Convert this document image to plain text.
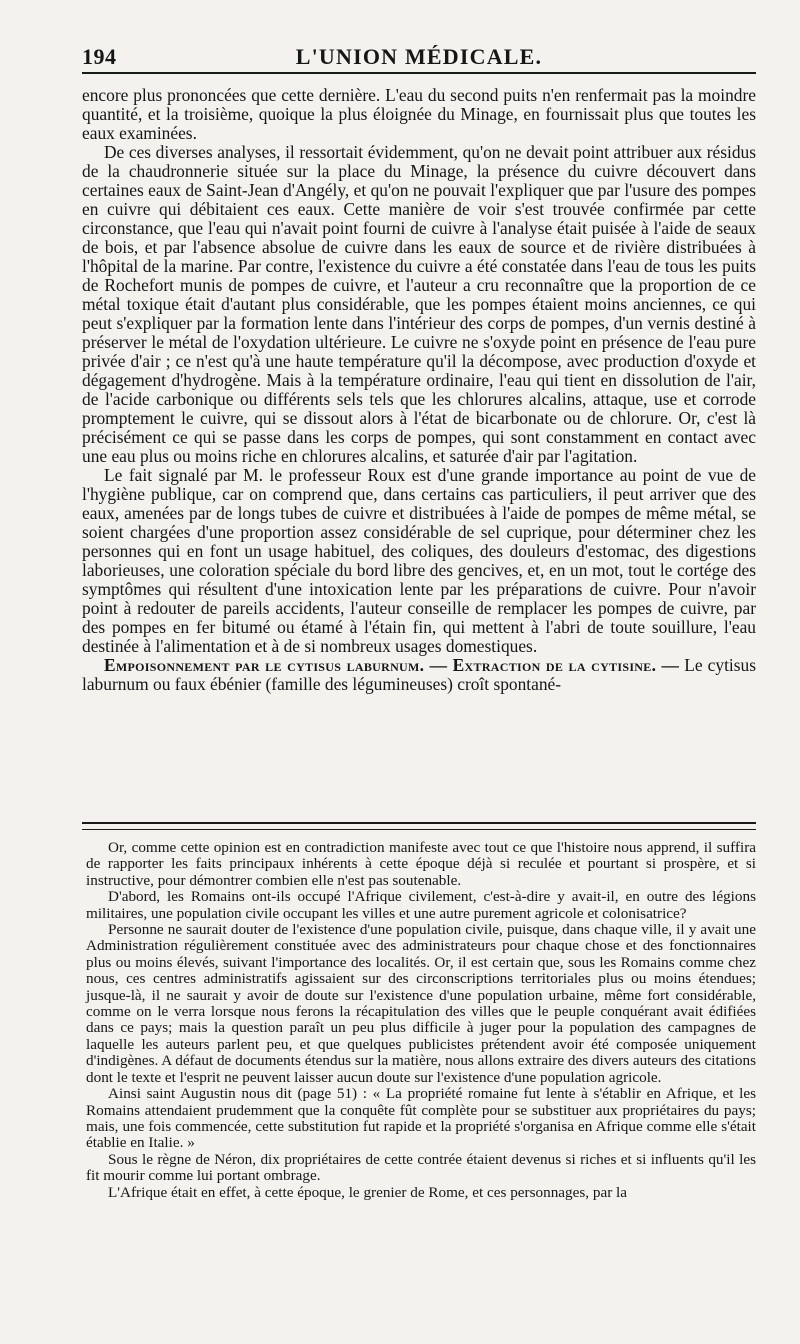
194	L'UNION MÉDICALE.

encore plus prononcées que cette dernière. L'eau du second puits n'en renfermait pas la moindre quantité, et la troisième, quoique la plus éloignée du Minage, en fournissait plus que toutes les eaux examinées.

De ces diverses analyses, il ressortait évidemment, qu'on ne devait point attribuer aux résidus de la chaudronnerie située sur la place du Minage, la présence du cuivre découvert dans certaines eaux de Saint-Jean d'Angély, et qu'on ne pouvait l'expliquer que par l'usure des pompes en cuivre qui débitaient ces eaux. Cette manière de voir s'est trouvée confirmée par cette circonstance, que l'eau qui n'avait point fourni de cuivre à l'analyse était puisée à l'aide de seaux de bois, et par l'absence absolue de cuivre dans les eaux de source et de rivière distribuées à l'hôpital de la marine. Par contre, l'existence du cuivre a été constatée dans l'eau de tous les puits de Rochefort munis de pompes de cuivre, et l'auteur a cru reconnaître que la proportion de ce métal toxique était d'autant plus considérable, que les pompes étaient moins anciennes, ce qui peut s'expliquer par la formation lente dans l'intérieur des corps de pompes, d'un vernis destiné à préserver le métal de l'oxydation ultérieure. Le cuivre ne s'oxyde point en présence de l'eau pure privée d'air ; ce n'est qu'à une haute température qu'il la décompose, avec production d'oxyde et dégagement d'hydrogène. Mais à la température ordinaire, l'eau qui tient en dissolution de l'air, de l'acide carbonique ou différents sels tels que les chlorures alcalins, attaque, use et corrode promptement le cuivre, qui se dissout alors à l'état de bicarbonate ou de chlorure. Or, c'est là précisément ce qui se passe dans les corps de pompes, qui sont constamment en contact avec une eau plus ou moins riche en chlorures alcalins, et saturée d'air par l'agitation.

Le fait signalé par M. le professeur Roux est d'une grande importance au point de vue de l'hygiène publique, car on comprend que, dans certains cas particuliers, il peut arriver que des eaux, amenées par de longs tubes de cuivre et distribuées à l'aide de pompes de même métal, se soient chargées d'une proportion assez considérable de sel cuprique, pour déterminer chez les personnes qui en font un usage habituel, des coliques, des douleurs d'estomac, des digestions laborieuses, une coloration spéciale du bord libre des gencives, et, en un mot, tout le cortége des symptômes qui résultent d'une intoxication lente par les préparations de cuivre. Pour n'avoir point à redouter de pareils accidents, l'auteur conseille de remplacer les pompes de cuivre, par des pompes en fer bitumé ou étamé à l'étain fin, qui mettent à l'abri de toute souillure, l'eau destinée à l'alimentation et à de si nombreux usages domestiques.

Empoisonnement par le cytisus laburnum. — Extraction de la cytisine. — Le cytisus laburnum ou faux ébénier (famille des légumineuses) croît spontané-

Or, comme cette opinion est en contradiction manifeste avec tout ce que l'histoire nous apprend, il suffira de rapporter les faits principaux inhérents à cette époque déjà si reculée et pourtant si prospère, et si instructive, pour démontrer combien elle n'est pas soutenable.

D'abord, les Romains ont-ils occupé l'Afrique civilement, c'est-à-dire y avait-il, en outre des légions militaires, une population civile occupant les villes et une autre purement agricole et colonisatrice?

Personne ne saurait douter de l'existence d'une population civile, puisque, dans chaque ville, il y avait une Administration régulièrement constituée avec des administrateurs pour chaque chose et des fonctionnaires plus ou moins élevés, suivant l'importance des localités. Or, il est certain que, sous les Romains comme chez nous, ces centres administratifs agissaient sur des circonscriptions territoriales plus ou moins étendues; jusque-là, il ne saurait y avoir de doute sur l'existence d'une population urbaine, même fort considérable, comme on le verra lorsque nous ferons la récapitulation des villes que le peuple conquérant avait édifiées dans ce pays; mais la question paraît un peu plus difficile à juger pour la population des campagnes de laquelle les auteurs parlent peu, et que quelques publicistes prétendent avoir été composée uniquement d'indigènes. A défaut de documents étendus sur la matière, nous allons extraire des divers auteurs des citations dont le texte et l'esprit ne peuvent laisser aucun doute sur l'existence d'une population agricole.

Ainsi saint Augustin nous dit (page 51) : « La propriété romaine fut lente à s'établir en Afrique, et les Romains attendaient prudemment que la conquête fût complète pour se substituer aux propriétaires du pays; mais, une fois commencée, cette substitution fut rapide et la propriété s'organisa en Afrique comme elle s'était établie en Italie. »

Sous le règne de Néron, dix propriétaires de cette contrée étaient devenus si riches et si influents qu'il les fit mourir comme lui portant ombrage.

L'Afrique était en effet, à cette époque, le grenier de Rome, et ces personnages, par la
